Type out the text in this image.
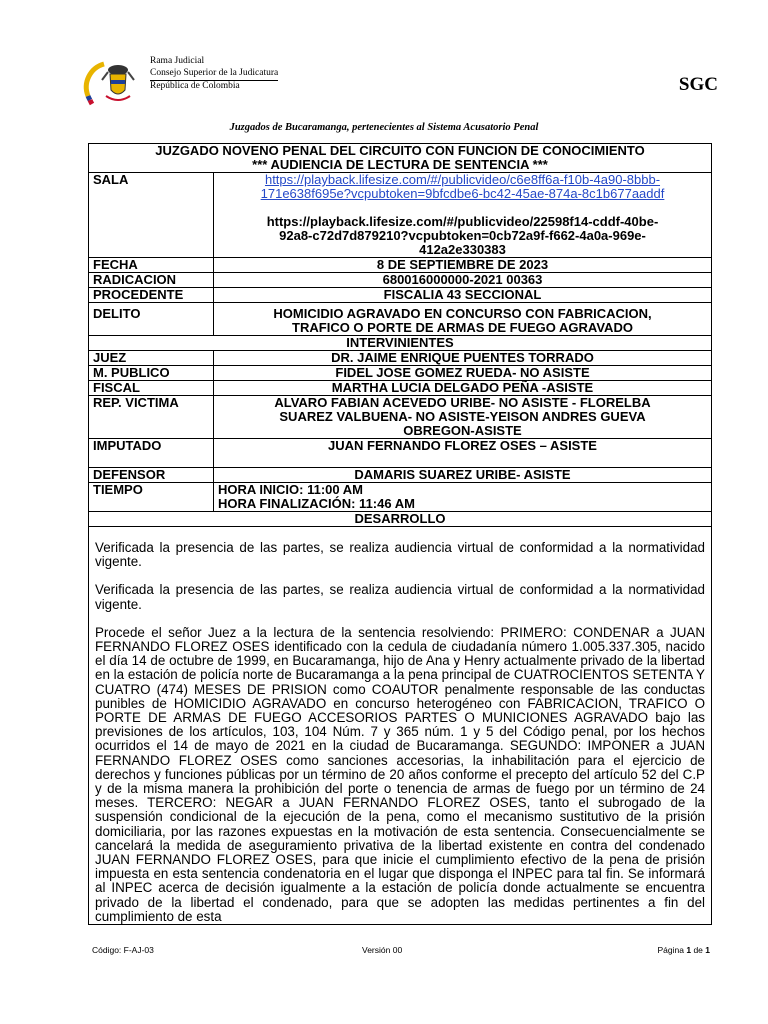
Rama Judicial
Consejo Superior de la Judicatura
República de Colombia	SGC
Juzgados de Bucaramanga, pertenecientes al Sistema Acusatorio Penal
JUZGADO NOVENO PENAL DEL CIRCUITO CON FUNCION DE CONOCIMIENTO
*** AUDIENCIA DE LECTURA DE SENTENCIA ***	

SALA	https://playback.lifesize.com/#/publicvideo/c6e8ff6a-f10b-4a90-8bbb-
171e638f695e?vcpubtoken=9bfcdbe6-bc42-45ae-874a-8c1b677aaddf
https://playback.lifesize.com/#/publicvideo/22598f14-cddf-40be-
92a8-c72d7d879210?vcpubtoken=0cb72a9f-f662-4a0a-969e-
412a2e330383

FECHA	8 DE SEPTIEMBRE DE 2023
RADICACION	680016000000-2021 00363
PROCEDENTE	FISCALIA 43 SECCIONAL
DELITO	HOMICIDIO AGRAVADO EN CONCURSO CON FABRICACION,
TRAFICO O PORTE DE ARMAS DE FUEGO AGRAVADO

INTERVINIENTES	
JUEZ	DR. JAIME ENRIQUE PUENTES TORRADO
M. PUBLICO	FIDEL JOSE GOMEZ RUEDA- NO ASISTE
FISCAL	MARTHA LUCIA DELGADO PEÑA -ASISTE
REP. VICTIMA	ALVARO FABIAN ACEVEDO URIBE- NO ASISTE - FLORELBA
SUAREZ VALBUENA- NO ASISTE-YEISON ANDRES GUEVA
OBREGON-ASISTE

IMPUTADO	JUAN FERNANDO FLOREZ OSES – ASISTE
DEFENSOR	DAMARIS SUAREZ URIBE- ASISTE
TIEMPO	HORA INICIO: 11:00 AM
HORA FINALIZACIÓN: 11:46 AM

DESARROLLO	

Verificada la presencia de las partes, se realiza audiencia virtual de conformidad a la normatividad vigente.

Verificada la presencia de las partes, se realiza audiencia virtual de conformidad a la normatividad vigente.

Procede el señor Juez a la lectura de la sentencia resolviendo: PRIMERO: CONDENAR a JUAN FERNANDO FLOREZ OSES identificado con la cedula de ciudadanía número 1.005.337.305, nacido el día 14 de octubre de 1999, en Bucaramanga, hijo de Ana y Henry actualmente privado de la libertad en la estación de policía norte de Bucaramanga a la pena principal de CUATROCIENTOS SETENTA Y CUATRO (474) MESES DE PRISION como COAUTOR penalmente responsable de las conductas punibles de HOMICIDIO AGRAVADO en concurso heterogéneo con FABRICACION, TRAFICO O PORTE DE ARMAS DE FUEGO ACCESORIOS PARTES O MUNICIONES AGRAVADO bajo las previsiones de los artículos, 103, 104 Núm. 7 y 365 núm. 1 y 5 del Código penal, por los hechos ocurridos el 14 de mayo de 2021 en la ciudad de Bucaramanga. SEGUNDO: IMPONER a JUAN FERNANDO FLOREZ OSES como sanciones accesorias, la inhabilitación para el ejercicio de derechos y funciones públicas por un término de 20 años conforme el precepto del artículo 52 del C.P y de la misma manera la prohibición del porte o tenencia de armas de fuego por un término de 24 meses. TERCERO: NEGAR a JUAN FERNANDO FLOREZ OSES, tanto el subrogado de la suspensión condicional de la ejecución de la pena, como el mecanismo sustitutivo de la prisión domiciliaria, por las razones expuestas en la motivación de esta sentencia. Consecuencialmente se cancelará la medida de aseguramiento privativa de la libertad existente en contra del condenado JUAN FERNANDO FLOREZ OSES, para que inicie el cumplimiento efectivo de la pena de prisión impuesta en esta sentencia condenatoria en el lugar que disponga el INPEC para tal fin. Se informará al INPEC acerca de decisión igualmente a la estación de policía donde actualmente se encuentra privado de la libertad el condenado, para que se adopten las medidas pertinentes a fin del cumplimiento de esta	

Código: F-AJ-03	Versión 00	Página 1 de 1
